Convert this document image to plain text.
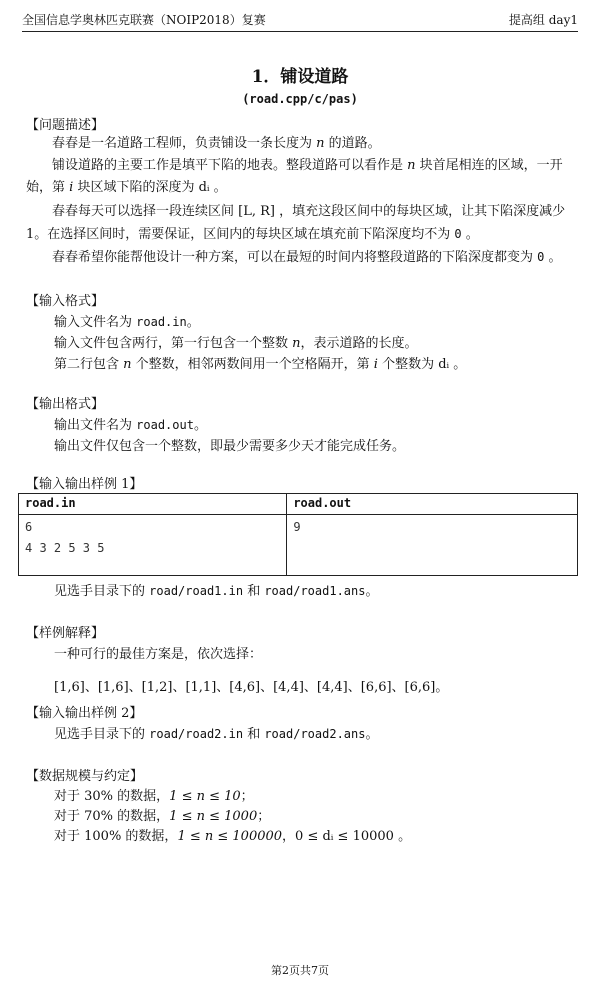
全国信息学奥林匹克联赛（NOIP2018）复赛	提高组 day1
1．铺设道路
(road.cpp/c/pas)
【问题描述】
春春是一名道路工程师，负责铺设一条长度为 n 的道路。
铺设道路的主要工作是填平下陷的地表。整段道路可以看作是 n 块首尾相连的区域，一开始，第 i 块区域下陷的深度为 dᵢ 。
春春每天可以选择一段连续区间 [L, R] ，填充这段区间中的每块区域，让其下陷深度减少 1。在选择区间时，需要保证，区间内的每块区域在填充前下陷深度均不为 0 。
春春希望你能帮他设计一种方案，可以在最短的时间内将整段道路的下陷深度都变为 0 。
【输入格式】
输入文件名为 road.in。
输入文件包含两行，第一行包含一个整数 n，表示道路的长度。
第二行包含 n 个整数，相邻两数间用一个空格隔开，第 i 个整数为 dᵢ 。
【输出格式】
输出文件名为 road.out。
输出文件仅包含一个整数，即最少需要多少天才能完成任务。
【输入输出样例 1】
road.in	road.out

6
4 3 2 5 3 5	9
见选手目录下的 road/road1.in 和 road/road1.ans。
【样例解释】
一种可行的最佳方案是，依次选择：
[1,6]、[1,6]、[1,2]、[1,1]、[4,6]、[4,4]、[4,4]、[6,6]、[6,6]。
【输入输出样例 2】
见选手目录下的 road/road2.in 和 road/road2.ans。
【数据规模与约定】
对于 30% 的数据，1 ≤ n ≤ 10；
对于 70% 的数据，1 ≤ n ≤ 1000；
对于 100% 的数据，1 ≤ n ≤ 100000，0 ≤ dᵢ ≤ 10000 。
第2页共7页
